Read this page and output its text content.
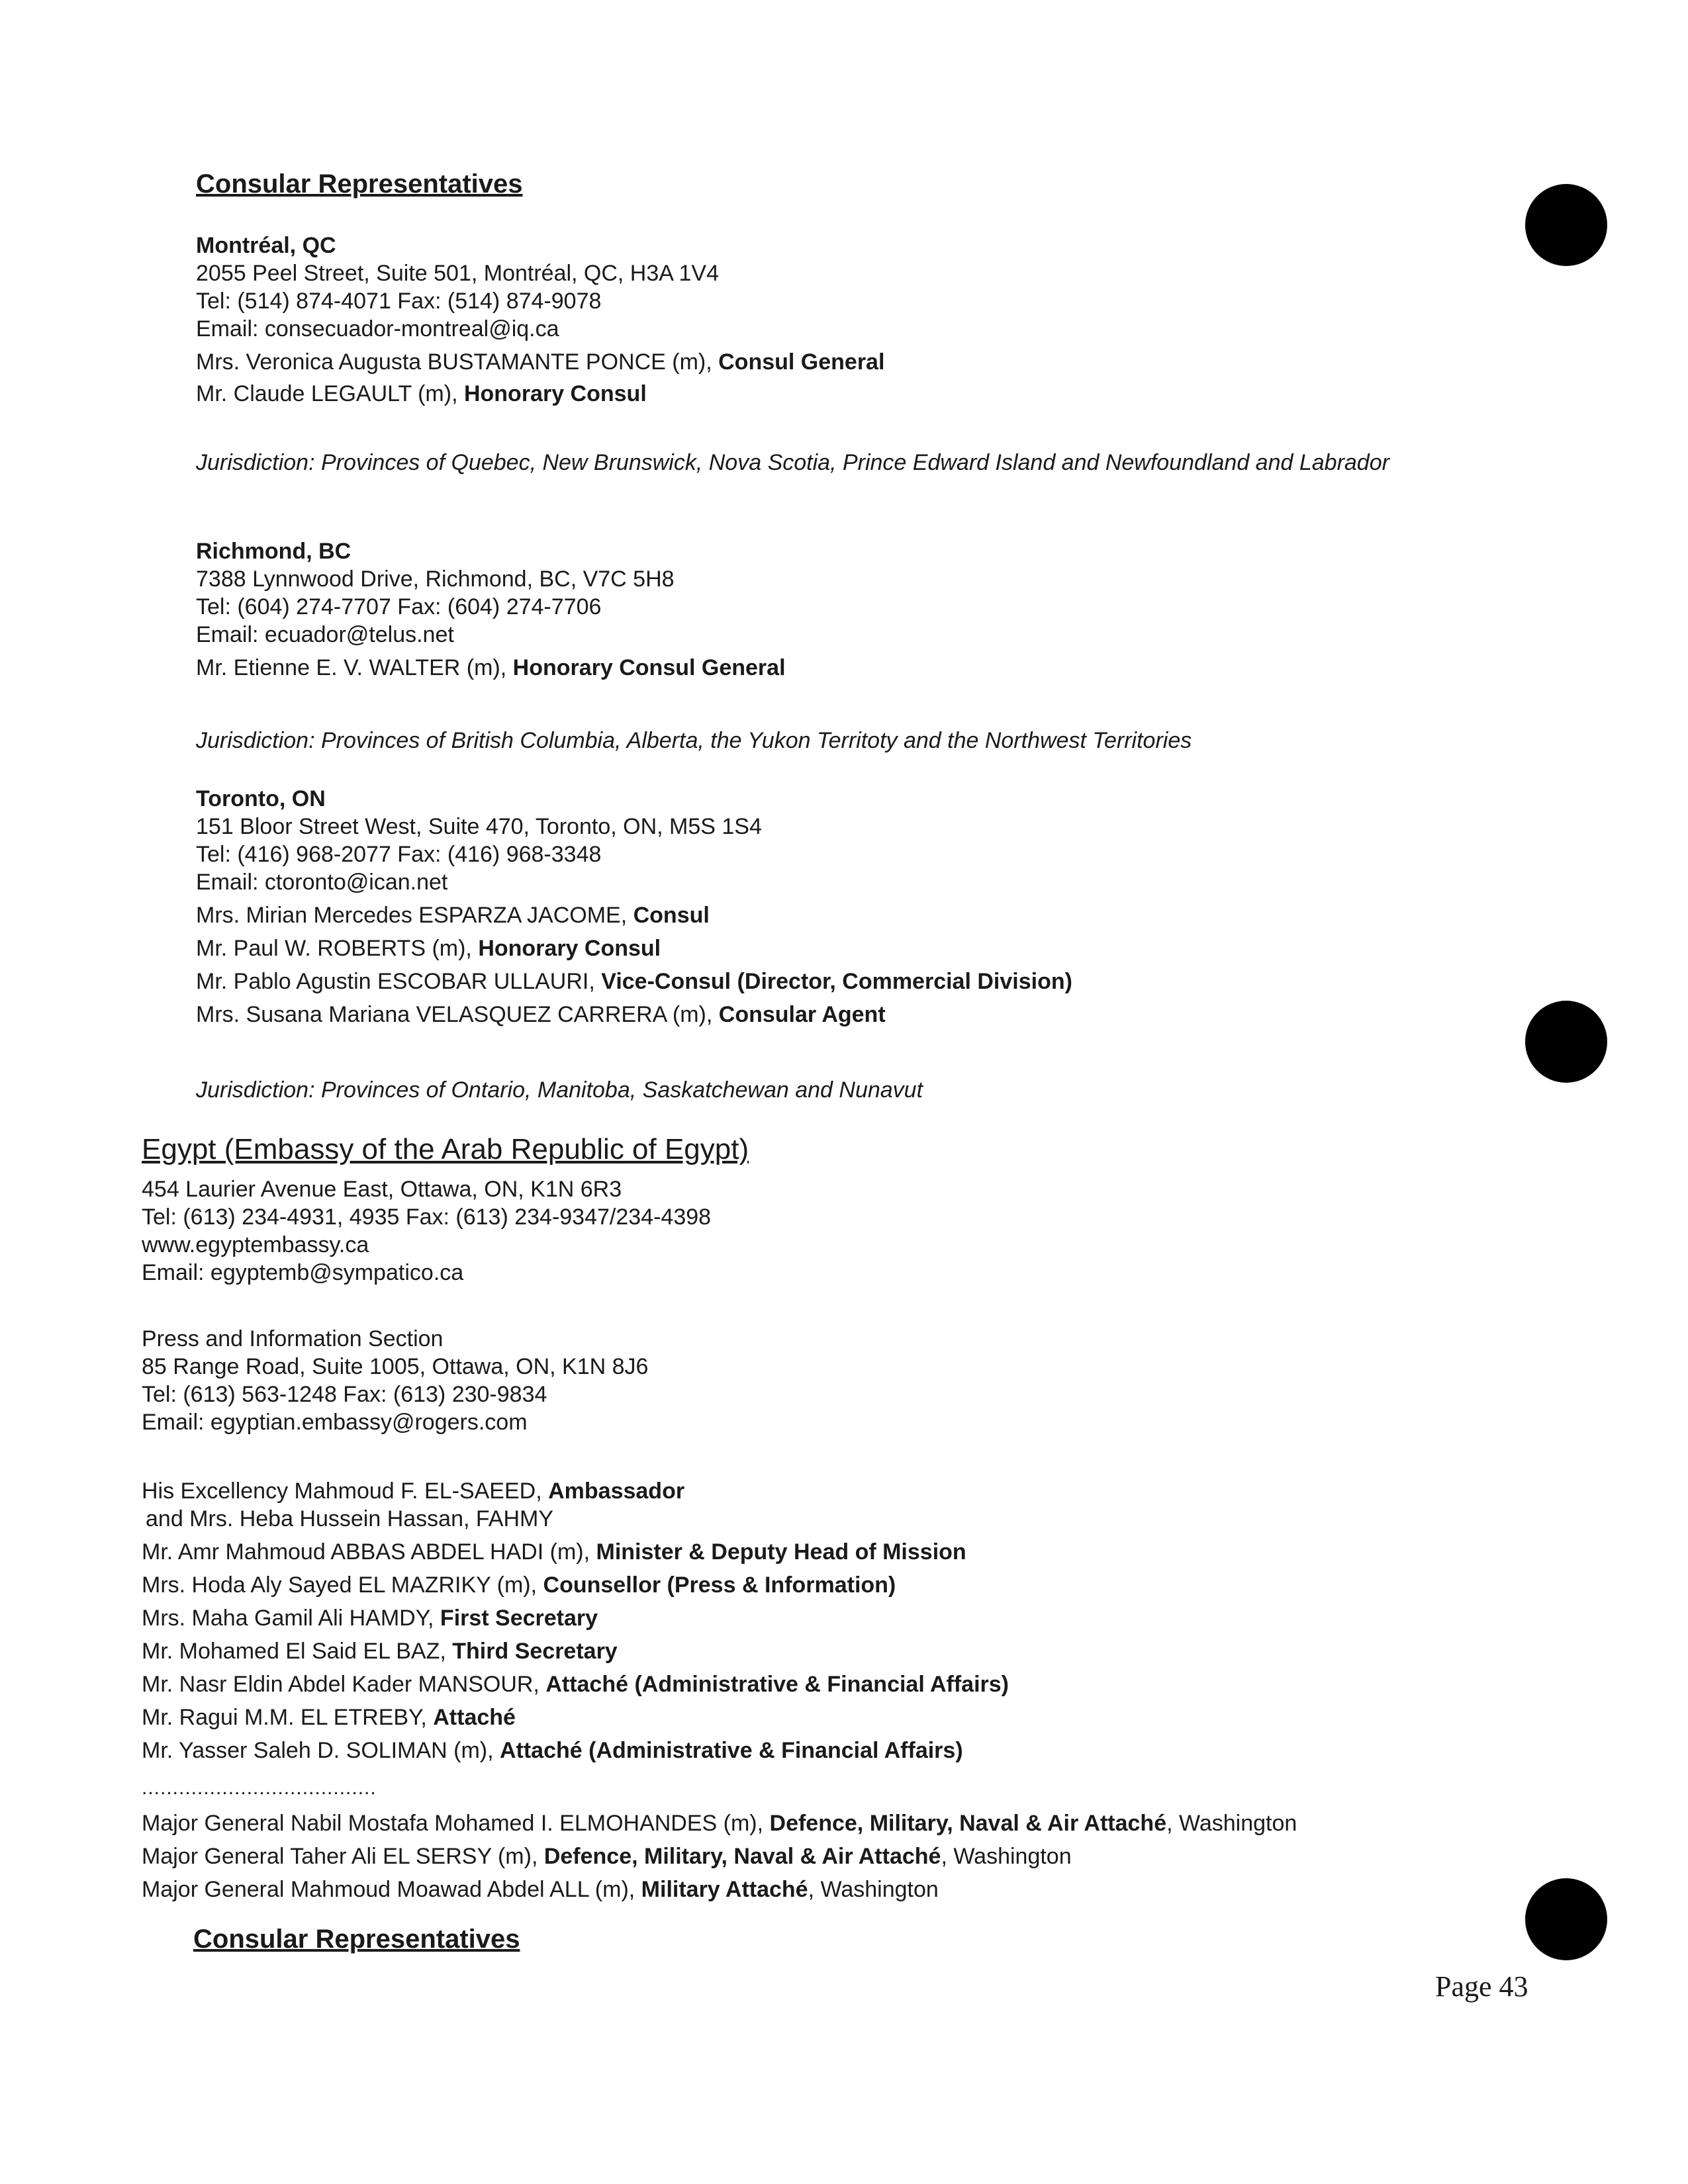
Consular Representatives
Montréal, QC
2055 Peel Street, Suite 501, Montréal, QC, H3A 1V4
Tel: (514) 874-4071 Fax: (514) 874-9078
Email: consecuador-montreal@iq.ca
Mrs. Veronica Augusta BUSTAMANTE PONCE (m), Consul General
Mr. Claude LEGAULT (m), Honorary Consul
Jurisdiction: Provinces of Quebec, New Brunswick, Nova Scotia, Prince Edward Island and Newfoundland and Labrador
Richmond, BC
7388 Lynnwood Drive, Richmond, BC, V7C 5H8
Tel: (604) 274-7707 Fax: (604) 274-7706
Email: ecuador@telus.net
Mr. Etienne E. V. WALTER (m), Honorary Consul General
Jurisdiction: Provinces of British Columbia, Alberta, the Yukon Territoty and the Northwest Territories
Toronto, ON
151 Bloor Street West, Suite 470, Toronto, ON, M5S 1S4
Tel: (416) 968-2077 Fax: (416) 968-3348
Email: ctoronto@ican.net
Mrs. Mirian Mercedes ESPARZA JACOME, Consul
Mr. Paul W. ROBERTS (m), Honorary Consul
Mr. Pablo Agustin ESCOBAR ULLAURI, Vice-Consul (Director, Commercial Division)
Mrs. Susana Mariana VELASQUEZ CARRERA (m), Consular Agent
Jurisdiction: Provinces of Ontario, Manitoba, Saskatchewan and Nunavut
Egypt (Embassy of the Arab Republic of Egypt)
454 Laurier Avenue East, Ottawa, ON, K1N 6R3
Tel: (613) 234-4931, 4935 Fax: (613) 234-9347/234-4398
www.egyptembassy.ca
Email: egyptemb@sympatico.ca
Press and Information Section
85 Range Road, Suite 1005, Ottawa, ON, K1N 8J6
Tel: (613) 563-1248 Fax: (613) 230-9834
Email: egyptian.embassy@rogers.com
His Excellency Mahmoud F. EL-SAEED, Ambassador
and Mrs. Heba Hussein Hassan, FAHMY
Mr. Amr Mahmoud ABBAS ABDEL HADI (m), Minister & Deputy Head of Mission
Mrs. Hoda Aly Sayed EL MAZRIKY (m), Counsellor (Press & Information)
Mrs. Maha Gamil Ali HAMDY, First Secretary
Mr. Mohamed El Said EL BAZ, Third Secretary
Mr. Nasr Eldin Abdel Kader MANSOUR, Attaché (Administrative & Financial Affairs)
Mr. Ragui M.M. EL ETREBY, Attaché
Mr. Yasser Saleh D. SOLIMAN (m), Attaché (Administrative & Financial Affairs)
......................................
Major General Nabil Mostafa Mohamed I. ELMOHANDES (m), Defence, Military, Naval & Air Attaché, Washington
Major General Taher Ali EL SERSY (m), Defence, Military, Naval & Air Attaché, Washington
Major General Mahmoud Moawad Abdel ALL (m), Military Attaché, Washington
Consular Representatives
Page 43
